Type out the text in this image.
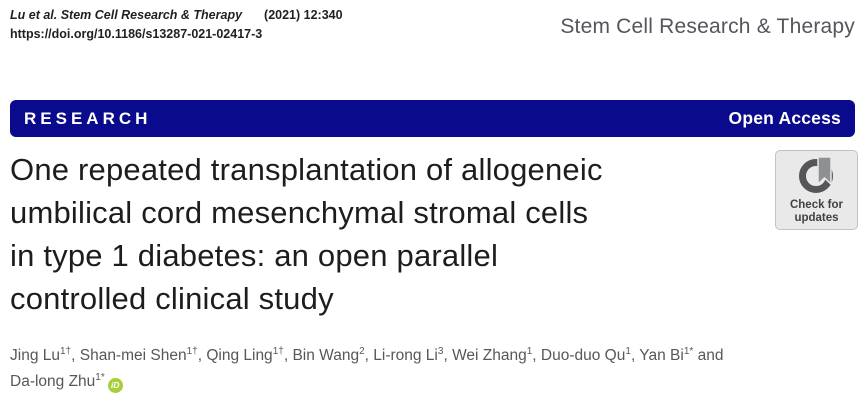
Lu et al. Stem Cell Research & Therapy (2021) 12:340
https://doi.org/10.1186/s13287-021-02417-3	Stem Cell Research & Therapy
RESEARCH	Open Access
One repeated transplantation of allogeneic
umbilical cord mesenchymal stromal cells
in type 1 diabetes: an open parallel
controlled clinical study
Check for
updates
Jing $Lu^{1\dagger}$, Shan-mei Shen$^{1\dagger}$, Qing Ling$^{1\dagger}$, Bin Wang$^2$, Li-rong Li$^3$, Wei Zhang$^1$, Duo-duo Qu$^1$, Yan $Bi^{1*}$ and
Da-long Zhu$^{1*}$iD
